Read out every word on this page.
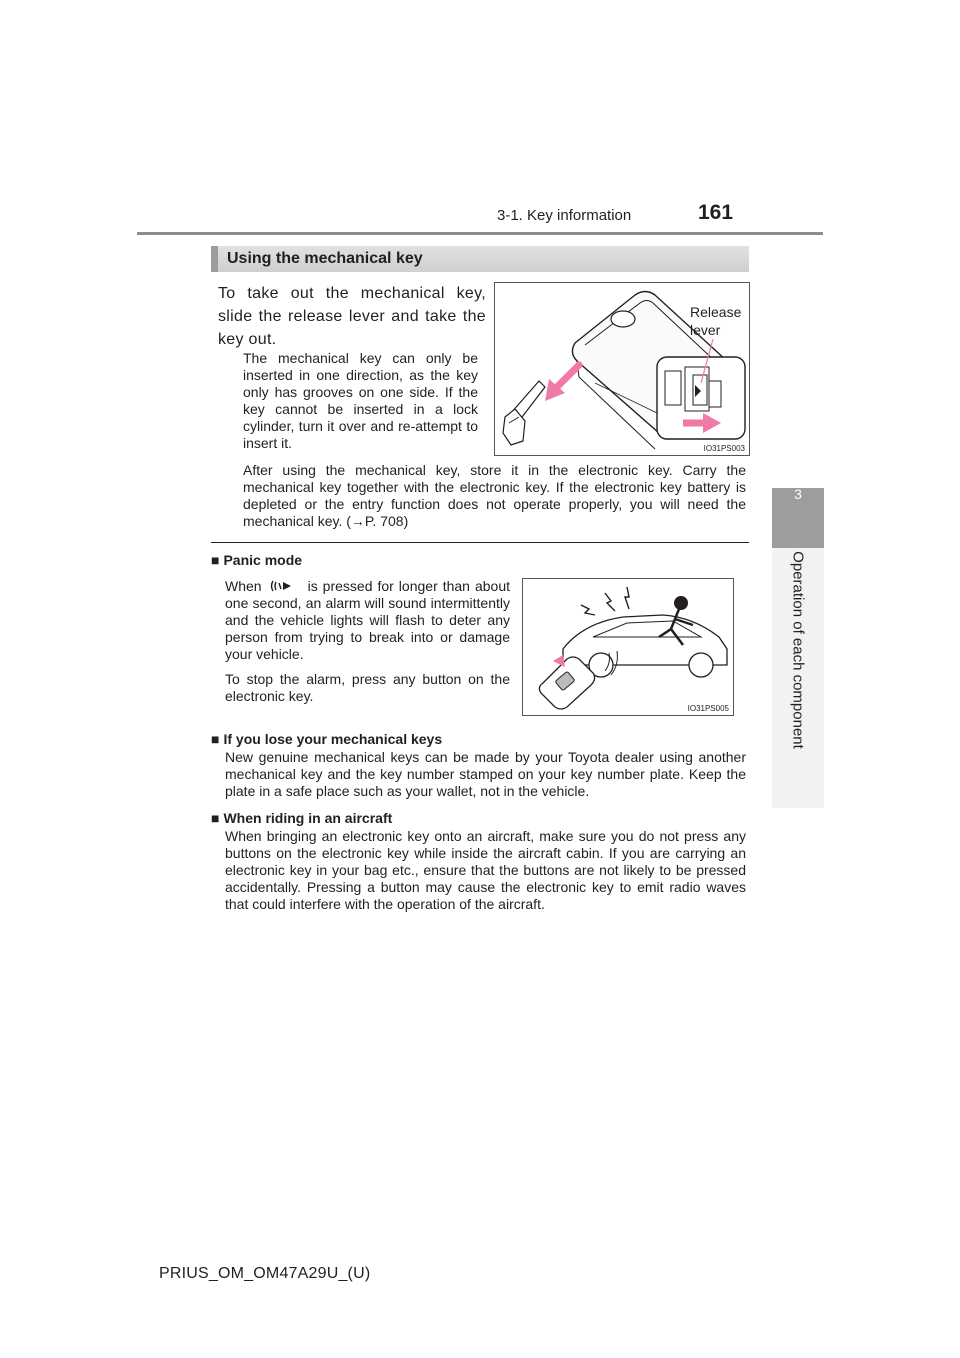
3-1. Key information	161
3
Operation of each component
Using the mechanical key
To take out the mechanical key, slide the release lever and take the key out.
The mechanical key can only be inserted in one direction, as the key only has grooves on one side. If the key cannot be inserted in a lock cylinder, turn it over and re-attempt to insert it.
After using the mechanical key, store it in the electronic key. Carry the mechanical key together with the electronic key. If the electronic key battery is depleted or the entry function does not operate properly, you will need the mechanical key. (→P. 708)
Release
lever
IO31PS003
■ Panic mode
When	is pressed for longer than about one second, an alarm will sound intermittently and the vehicle lights will flash to deter any person from trying to break into or damage your vehicle.
To stop the alarm, press any button on the electronic key.
IO31PS005
■ If you lose your mechanical keys
New genuine mechanical keys can be made by your Toyota dealer using another mechanical key and the key number stamped on your key number plate. Keep the plate in a safe place such as your wallet, not in the vehicle.
■ When riding in an aircraft
When bringing an electronic key onto an aircraft, make sure you do not press any buttons on the electronic key while inside the aircraft cabin. If you are carrying an electronic key in your bag etc., ensure that the buttons are not likely to be pressed accidentally. Pressing a button may cause the electronic key to emit radio waves that could interfere with the operation of the aircraft.
PRIUS_OM_OM47A29U_(U)
